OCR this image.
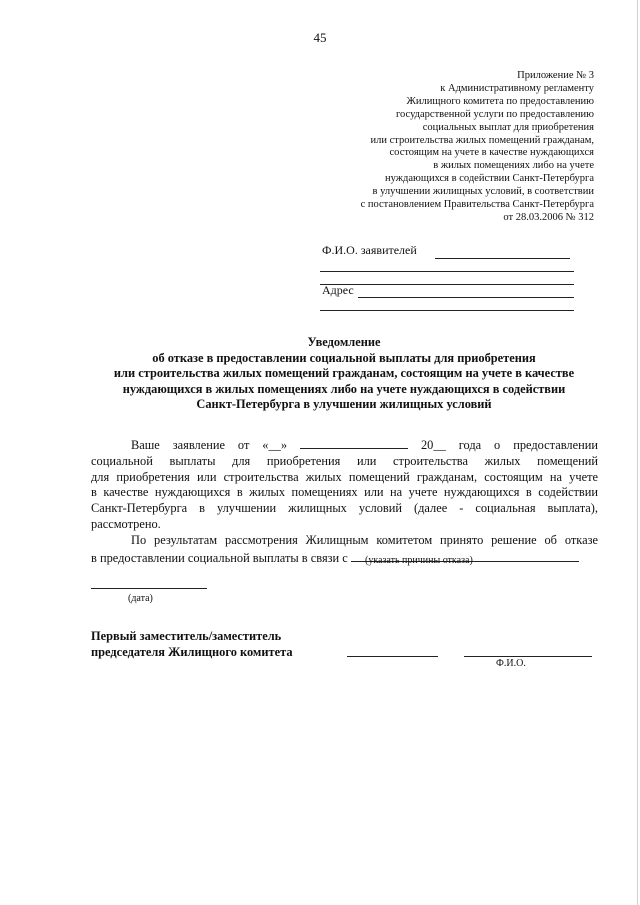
45
Приложение № 3
к Административному регламенту
Жилищного комитета по предоставлению
государственной услуги по предоставлению
социальных выплат для приобретения
или строительства жилых помещений гражданам,
состоящим на учете в качестве нуждающихся
в жилых помещениях либо на учете
нуждающихся в содействии Санкт-Петербурга
в улучшении жилищных условий, в соответствии
с постановлением Правительства Санкт-Петербурга
от 28.03.2006 № 312
Ф.И.О. заявителей
Адрес
Уведомление
об отказе в предоставлении социальной выплаты для приобретения
или строительства жилых помещений гражданам, состоящим на учете в качестве
нуждающихся в жилых помещениях либо на учете нуждающихся в содействии
Санкт-Петербурга в улучшении жилищных условий
Ваше заявление от «__»	20__ года о предоставлении
социальной выплаты для приобретения или строительства жилых помещений
для приобретения или строительства жилых помещений гражданам, состоящим на учете
в качестве нуждающихся в жилых помещениях или на учете нуждающихся в содействии
Санкт-Петербурга в улучшении жилищных условий (далее - социальная выплата),
рассмотрено.
По результатам рассмотрения Жилищным комитетом принято решение об отказе
в предоставлении социальной выплаты в связи с	(указать причины отказа)
(дата)
Первый заместитель/заместитель
председателя Жилищного комитета
Ф.И.О.
